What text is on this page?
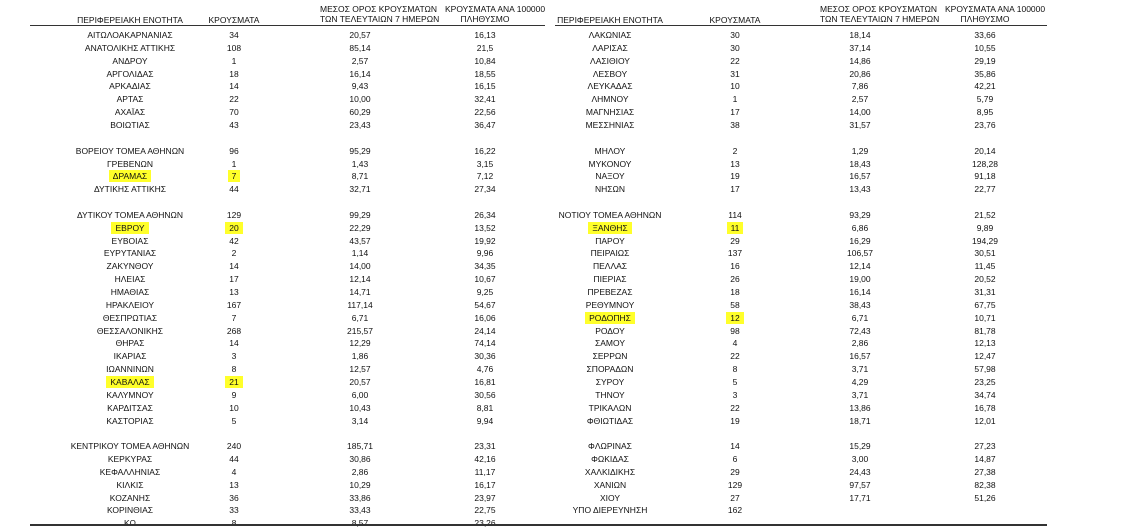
ΠΕΡΙΦΕΡΕΙΑΚΗ ΕΝΟΤΗΤΑ	ΚΡΟΥΣΜΑΤΑ
ΜΕΣΟΣ ΟΡΟΣ ΚΡΟΥΣΜΑΤΩΝ
ΤΩΝ ΤΕΛΕΥΤΑΙΩΝ 7 ΗΜΕΡΩΝ
ΚΡΟΥΣΜΑΤΑ ΑΝΑ 100000
ΠΛΗΘΥΣΜΟ	ΠΕΡΙΦΕΡΕΙΑΚΗ ΕΝΟΤΗΤΑ	ΚΡΟΥΣΜΑΤΑ
ΜΕΣΟΣ ΟΡΟΣ ΚΡΟΥΣΜΑΤΩΝ
ΤΩΝ ΤΕΛΕΥΤΑΙΩΝ 7 ΗΜΕΡΩΝ
ΚΡΟΥΣΜΑΤΑ ΑΝΑ 100000
ΠΛΗΘΥΣΜΟ
ΑΙΤΩΛΟΑΚΑΡΝΑΝΙΑΣ	34	20,57	16,13
ΑΝΑΤΟΛΙΚΗΣ ΑΤΤΙΚΗΣ	108	85,14	21,5
ΑΝΔΡΟΥ	1	2,57	10,84
ΑΡΓΟΛΙΔΑΣ	18	16,14	18,55
ΑΡΚΑΔΙΑΣ	14	9,43	16,15
ΑΡΤΑΣ	22	10,00	32,41
ΑΧΑΪΑΣ	70	60,29	22,56
ΒΟΙΩΤΙΑΣ	43	23,43	36,47
ΒΟΡΕΙΟΥ ΤΟΜΕΑ ΑΘΗΝΩΝ	96	95,29	16,22
ΓΡΕΒΕΝΩΝ	1	1,43	3,15
ΔΡΑΜΑΣ	7	8,71	7,12
ΔΥΤΙΚΗΣ ΑΤΤΙΚΗΣ	44	32,71	27,34
ΔΥΤΙΚΟΥ ΤΟΜΕΑ ΑΘΗΝΩΝ	129	99,29	26,34
ΕΒΡΟΥ	20	22,29	13,52
ΕΥΒΟΙΑΣ	42	43,57	19,92
ΕΥΡΥΤΑΝΙΑΣ	2	1,14	9,96
ΖΑΚΥΝΘΟΥ	14	14,00	34,35
ΗΛΕΙΑΣ	17	12,14	10,67
ΗΜΑΘΙΑΣ	13	14,71	9,25
ΗΡΑΚΛΕΙΟΥ	167	117,14	54,67
ΘΕΣΠΡΩΤΙΑΣ	7	6,71	16,06
ΘΕΣΣΑΛΟΝΙΚΗΣ	268	215,57	24,14
ΘΗΡΑΣ	14	12,29	74,14
ΙΚΑΡΙΑΣ	3	1,86	30,36
ΙΩΑΝΝΙΝΩΝ	8	12,57	4,76
ΚΑΒΑΛΑΣ	21	20,57	16,81
ΚΑΛΥΜΝΟΥ	9	6,00	30,56
ΚΑΡΔΙΤΣΑΣ	10	10,43	8,81
ΚΑΣΤΟΡΙΑΣ	5	3,14	9,94
ΚΕΝΤΡΙΚΟΥ ΤΟΜΕΑ ΑΘΗΝΩΝ	240	185,71	23,31
ΚΕΡΚΥΡΑΣ	44	30,86	42,16
ΚΕΦΑΛΛΗΝΙΑΣ	4	2,86	11,17
ΚΙΛΚΙΣ	13	10,29	16,17
ΚΟΖΑΝΗΣ	36	33,86	23,97
ΚΟΡΙΝΘΙΑΣ	33	33,43	22,75
ΛΑΚΩΝΙΑΣ	30	18,14	33,66
ΛΑΡΙΣΑΣ	30	37,14	10,55
ΛΑΣΙΘΙΟΥ	22	14,86	29,19
ΛΕΣΒΟΥ	31	20,86	35,86
ΛΕΥΚΑΔΑΣ	10	7,86	42,21
ΛΗΜΝΟΥ	1	2,57	5,79
ΜΑΓΝΗΣΙΑΣ	17	14,00	8,95
ΜΕΣΣΗΝΙΑΣ	38	31,57	23,76
ΜΗΛΟΥ	2	1,29	20,14
ΜΥΚΟΝΟΥ	13	18,43	128,28
ΝΑΞΟΥ	19	16,57	91,18
ΝΗΣΩΝ	17	13,43	22,77
ΝΟΤΙΟΥ ΤΟΜΕΑ ΑΘΗΝΩΝ	114	93,29	21,52
ΞΑΝΘΗΣ	11	6,86	9,89
ΠΑΡΟΥ	29	16,29	194,29
ΠΕΙΡΑΙΩΣ	137	106,57	30,51
ΠΕΛΛΑΣ	16	12,14	11,45
ΠΙΕΡΙΑΣ	26	19,00	20,52
ΠΡΕΒΕΖΑΣ	18	16,14	31,31
ΡΕΘΥΜΝΟΥ	58	38,43	67,75
ΡΟΔΟΠΗΣ	12	6,71	10,71
ΡΟΔΟΥ	98	72,43	81,78
ΣΑΜΟΥ	4	2,86	12,13
ΣΕΡΡΩΝ	22	16,57	12,47
ΣΠΟΡΑΔΩΝ	8	3,71	57,98
ΣΥΡΟΥ	5	4,29	23,25
ΤΗΝΟΥ	3	3,71	34,74
ΤΡΙΚΑΛΩΝ	22	13,86	16,78
ΦΘΙΩΤΙΔΑΣ	19	18,71	12,01
ΦΛΩΡΙΝΑΣ	14	15,29	27,23
ΦΩΚΙΔΑΣ	6	3,00	14,87
ΧΑΛΚΙΔΙΚΗΣ	29	24,43	27,38
ΧΑΝΙΩΝ	129	97,57	82,38
ΧΙΟΥ	27	17,71	51,26
ΥΠΟ ΔΙΕΡΕΥΝΗΣΗ	162
